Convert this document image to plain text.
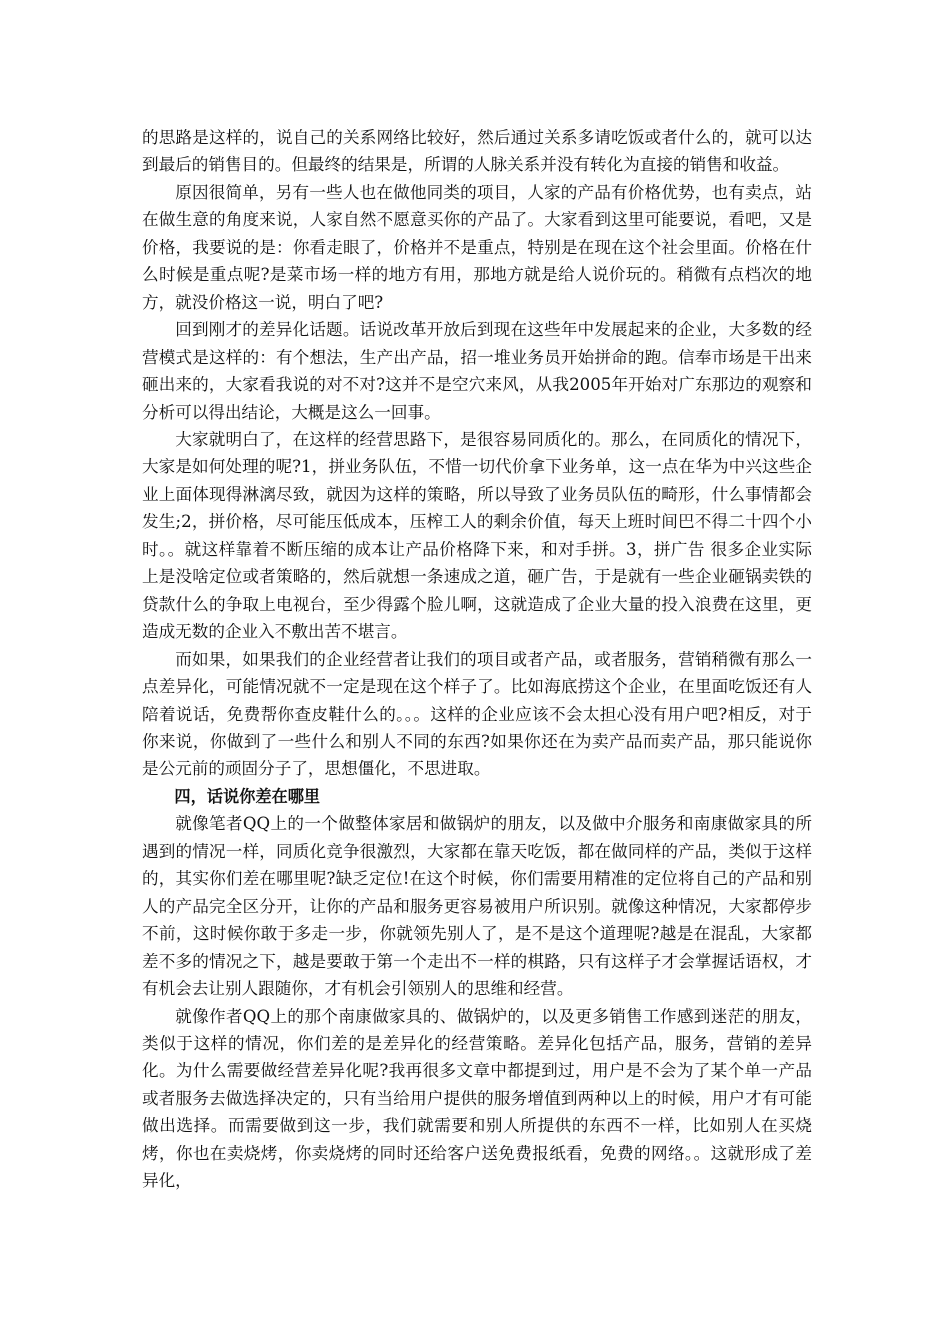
的思路是这样的，说自己的关系网络比较好，然后通过关系多请吃饭或者什么的，就可以达到最后的销售目的。但最终的结果是，所谓的人脉关系并没有转化为直接的销售和收益。

原因很简单，另有一些人也在做他同类的项目，人家的产品有价格优势，也有卖点，站在做生意的角度来说，人家自然不愿意买你的产品了。大家看到这里可能要说，看吧，又是价格，我要说的是：你看走眼了，价格并不是重点，特别是在现在这个社会里面。价格在什么时候是重点呢?是菜市场一样的地方有用，那地方就是给人说价玩的。稍微有点档次的地方，就没价格这一说，明白了吧?

回到刚才的差异化话题。话说改革开放后到现在这些年中发展起来的企业，大多数的经营模式是这样的：有个想法，生产出产品，招一堆业务员开始拼命的跑。信奉市场是干出来砸出来的，大家看我说的对不对?这并不是空穴来风，从我2005年开始对广东那边的观察和分析可以得出结论，大概是这么一回事。

大家就明白了，在这样的经营思路下，是很容易同质化的。那么，在同质化的情况下，大家是如何处理的呢?1，拼业务队伍，不惜一切代价拿下业务单，这一点在华为中兴这些企业上面体现得淋漓尽致，就因为这样的策略，所以导致了业务员队伍的畸形，什么事情都会发生;2，拼价格，尽可能压低成本，压榨工人的剩余价值，每天上班时间巴不得二十四个小时。。就这样靠着不断压缩的成本让产品价格降下来，和对手拼。3，拼广告 很多企业实际上是没啥定位或者策略的，然后就想一条速成之道，砸广告，于是就有一些企业砸锅卖铁的贷款什么的争取上电视台，至少得露个脸儿啊，这就造成了企业大量的投入浪费在这里，更造成无数的企业入不敷出苦不堪言。

而如果，如果我们的企业经营者让我们的项目或者产品，或者服务，营销稍微有那么一点差异化，可能情况就不一定是现在这个样子了。比如海底捞这个企业，在里面吃饭还有人陪着说话，免费帮你查皮鞋什么的。。。这样的企业应该不会太担心没有用户吧?相反，对于你来说，你做到了一些什么和别人不同的东西?如果你还在为卖产品而卖产品，那只能说你是公元前的顽固分子了，思想僵化，不思进取。

四，话说你差在哪里

就像笔者QQ上的一个做整体家居和做锅炉的朋友，以及做中介服务和南康做家具的所遇到的情况一样，同质化竞争很激烈，大家都在靠天吃饭，都在做同样的产品，类似于这样的，其实你们差在哪里呢?缺乏定位!在这个时候，你们需要用精准的定位将自己的产品和别人的产品完全区分开，让你的产品和服务更容易被用户所识别。就像这种情况，大家都停步不前，这时候你敢于多走一步，你就领先别人了，是不是这个道理呢?越是在混乱，大家都差不多的情况之下，越是要敢于第一个走出不一样的棋路，只有这样子才会掌握话语权，才有机会去让别人跟随你，才有机会引领别人的思维和经营。

就像作者QQ上的那个南康做家具的、做锅炉的，以及更多销售工作感到迷茫的朋友，类似于这样的情况，你们差的是差异化的经营策略。差异化包括产品，服务，营销的差异化。为什么需要做经营差异化呢?我再很多文章中都提到过，用户是不会为了某个单一产品或者服务去做选择决定的，只有当给用户提供的服务增值到两种以上的时候，用户才有可能做出选择。而需要做到这一步，我们就需要和别人所提供的东西不一样，比如别人在买烧烤，你也在卖烧烤，你卖烧烤的同时还给客户送免费报纸看，免费的网络。。这就形成了差异化，
